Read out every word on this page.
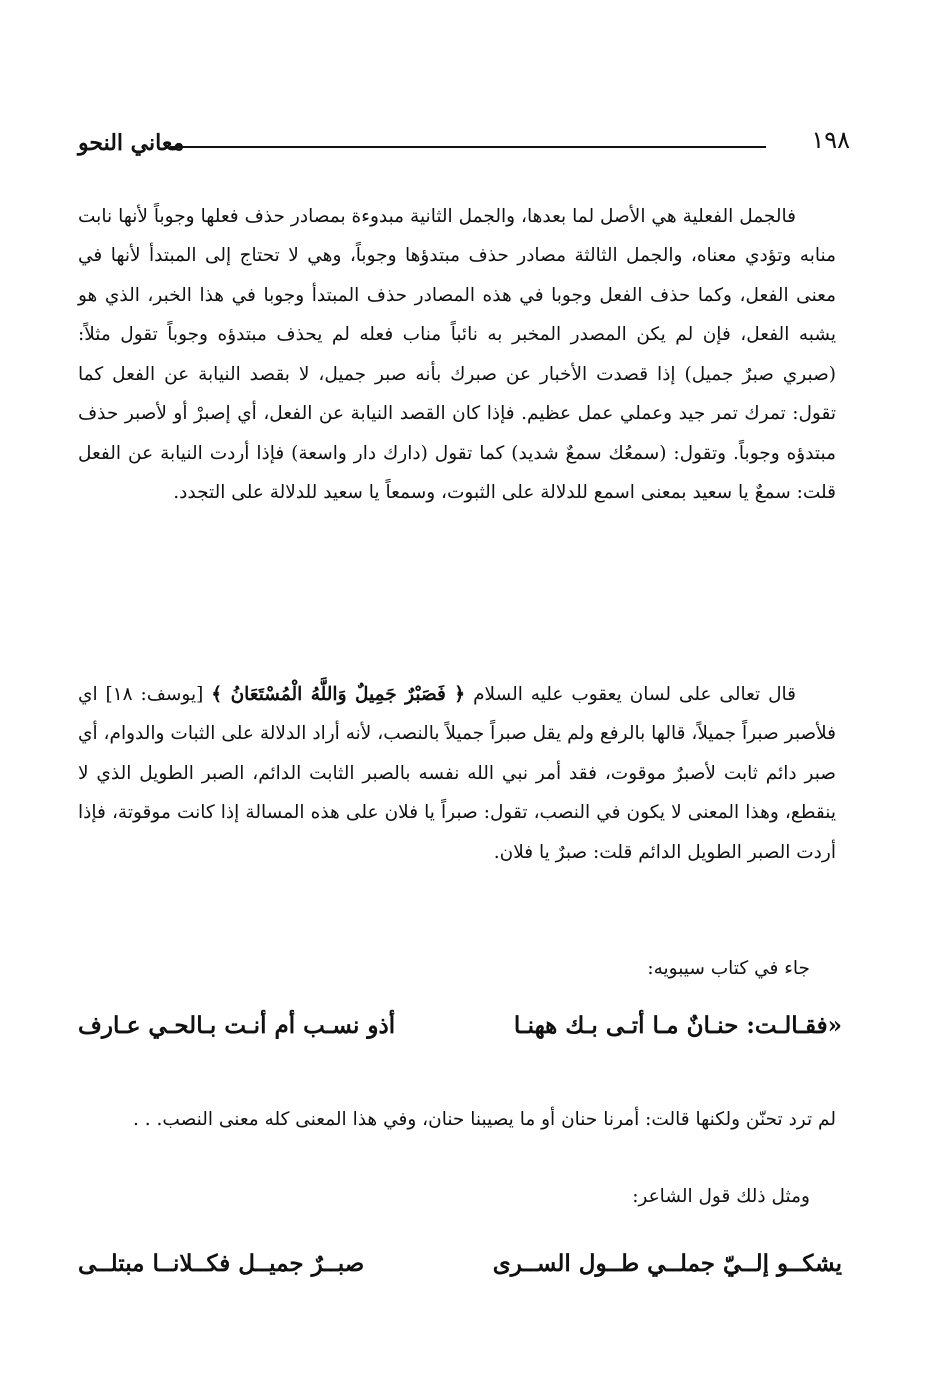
معاني النحو	١٩٨

فالجمل الفعلية هي الأصل لما بعدها، والجمل الثانية مبدوءة بمصادر حذف فعلها وجوباً لأنها نابت منابه وتؤدي معناه، والجمل الثالثة مصادر حذف مبتدؤها وجوباً، وهي لا تحتاج إلى المبتدأ لأنها في معنى الفعل، وكما حذف الفعل وجوبا في هذه المصادر حذف المبتدأ وجوبا في هذا الخبر، الذي هو يشبه الفعل، فإن لم يكن المصدر المخبر به نائباً مناب فعله لم يحذف مبتدؤه وجوباً تقول مثلاً: (صبري صبرٌ جميل) إذا قصدت الأخبار عن صبرك بأنه صبر جميل، لا بقصد النيابة عن الفعل كما تقول: تمرك تمر جيد وعملي عمل عظيم. فإذا كان القصد النيابة عن الفعل، أي إصبرْ أو لأصبر حذف مبتدؤه وجوباً. وتقول: (سمعُك سمعٌ شديد) كما تقول (دارك دار واسعة) فإذا أردت النيابة عن الفعل قلت: سمعٌ يا سعيد بمعنى اسمع للدلالة على الثبوت، وسمعاً يا سعيد للدلالة على التجدد.

قال تعالى على لسان يعقوب عليه السلام ﴿ فَصَبْرٌ جَمِيلٌ وَاللَّهُ الْمُسْتَعَانُ ﴾ [يوسف: ١٨] اي فلأصبر صبراً جميلاً، قالها بالرفع ولم يقل صبراً جميلاً بالنصب، لأنه أراد الدلالة على الثبات والدوام، أي صبر دائم ثابت لأصبرٌ موقوت، فقد أمر نبي الله نفسه بالصبر الثابت الدائم، الصبر الطويل الذي لا ينقطع، وهذا المعنى لا يكون في النصب، تقول: صبراً يا فلان على هذه المسالة إذا كانت موقوتة، فإذا أردت الصبر الطويل الدائم قلت: صبرٌ يا فلان.

جاء في كتاب سيبويه:
«فقـالـت: حنـانٌ مـا أتـى بـك ههنـا
أذو نسـب أم أنـت بـالحـي عـارف

لم ترد تحنّن ولكنها قالت: أمرنا حنان أو ما يصيبنا حنان، وفي هذا المعنى كله معنى النصب. . .

ومثل ذلك قول الشاعر:
يشكــو إلــيّ جملــي طــول الســرى
صبــرٌ جميــل فكــلانــا مبتلــى
